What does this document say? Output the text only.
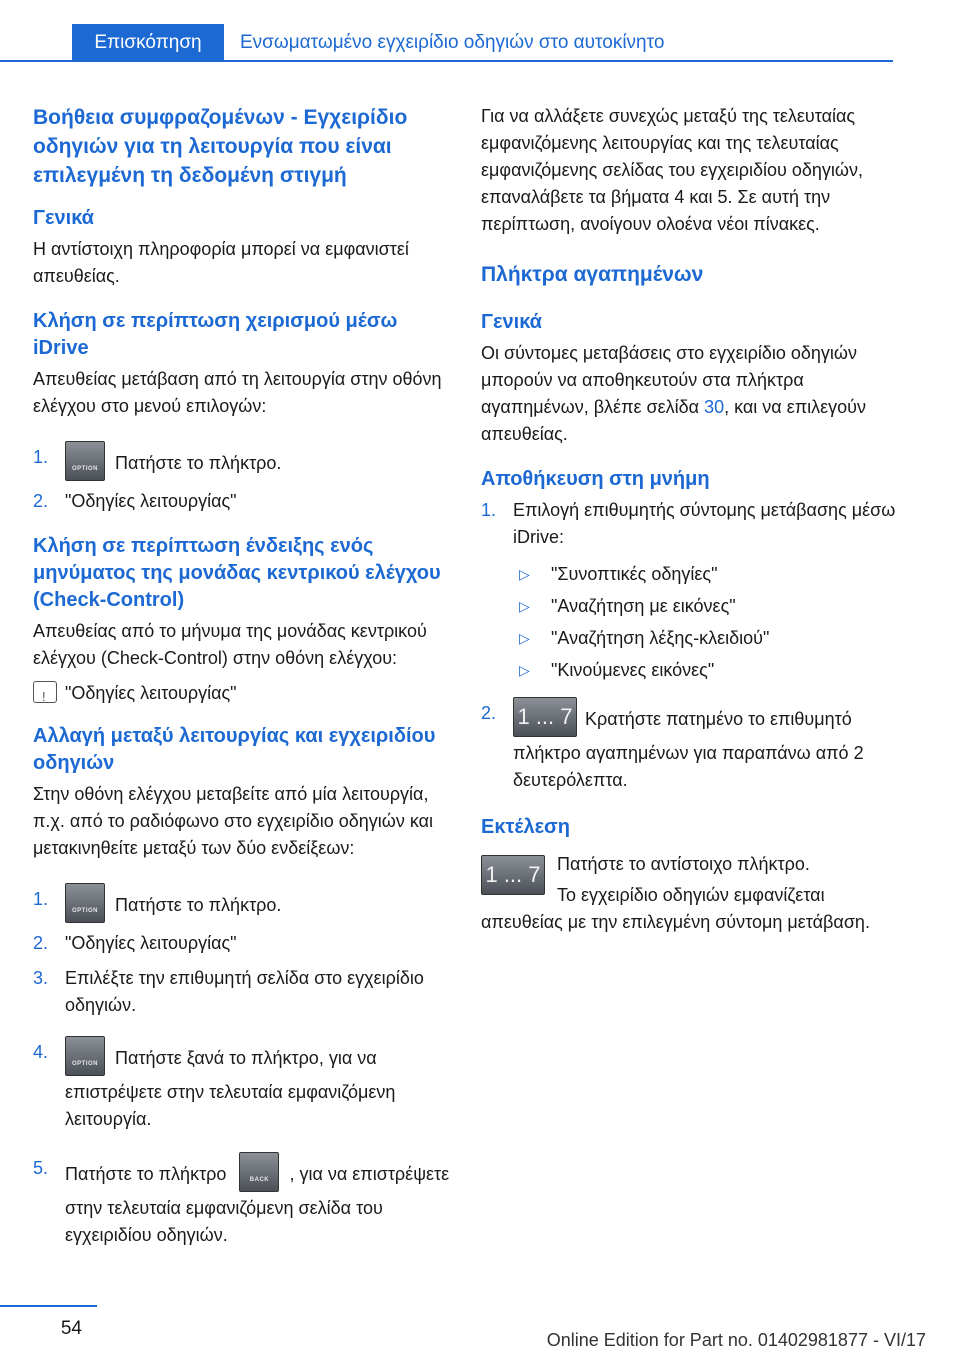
Επισκόπηση	Ενσωματωμένο εγχειρίδιο οδηγιών στο αυτοκίνητο

Βοήθεια συμφραζομένων - Εγχειρίδιο οδηγιών για τη λειτουργία που είναι επιλεγμένη τη δεδομένη στιγμή

Γενικά

Η αντίστοιχη πληροφορία μπορεί να εμφανιστεί απευθείας.

Κλήση σε περίπτωση χειρισμού μέσω iDrive

Απευθείας μετάβαση από τη λειτουργία στην οθόνη ελέγχου στο μενού επιλογών:

1.
OPTION Πατήστε το πλήκτρο.
2. "Οδηγίες λειτουργίας"

Κλήση σε περίπτωση ένδειξης ενός μηνύματος της μονάδας κεντρικού ελέγχου (Check-Control)

Απευθείας από το μήνυμα της μονάδας κεντρικού ελέγχου (Check-Control) στην οθόνη ελέγχου:

!"Οδηγίες λειτουργίας"

Αλλαγή μεταξύ λειτουργίας και εγχειριδίου οδηγιών

Στην οθόνη ελέγχου μεταβείτε από μία λειτουργία, π.χ. από το ραδιόφωνο στο εγχειρίδιο οδηγιών και μετακινηθείτε μεταξύ των δύο ενδείξεων:

1.
OPTION Πατήστε το πλήκτρο.
2. "Οδηγίες λειτουργίας"
3. Επιλέξτε την επιθυμητή σελίδα στο εγχειρίδιο οδηγιών.
4.
OPTION Πατήστε ξανά το πλήκτρο, για να επιστρέψετε στην τελευταία εμφανιζόμενη λειτουργία.
5. Πατήστε το πλήκτρο	BACK	, για να επιστρέψετε στην τελευταία εμφανιζόμενη σελίδα του εγχειριδίου οδηγιών.

Για να αλλάξετε συνεχώς μεταξύ της τελευταίας εμφανιζόμενης λειτουργίας και της τελευταίας εμφανιζόμενης σελίδας του εγχειριδίου οδηγιών, επαναλάβετε τα βήματα 4 και 5. Σε αυτή την περίπτωση, ανοίγουν ολοένα νέοι πίνακες.

Πλήκτρα αγαπημένων

Γενικά

Οι σύντομες μεταβάσεις στο εγχειρίδιο οδηγιών μπορούν να αποθηκευτούν στα πλήκτρα αγαπημένων, βλέπε σελίδα 30, και να επιλεγούν απευθείας.

Αποθήκευση στη μνήμη

1. Επιλογή επιθυμητής σύντομης μετάβασης μέσω iDrive:
▷ "Συνοπτικές οδηγίες"
▷ "Αναζήτηση με εικόνες"
▷ "Αναζήτηση λέξης-κλειδιού"
▷ "Κινούμενες εικόνες"
2. 1 ... 7 Κρατήστε πατημένο το επιθυμητό πλήκτρο αγαπημένων για παραπάνω από 2 δευτερόλεπτα.

Εκτέλεση

1 ... 7 Πατήστε το αντίστοιχο πλήκτρο.

Το εγχειρίδιο οδηγιών εμφανίζεται απευθείας με την επιλεγμένη σύντομη μετάβαση.

54
Online Edition for Part no. 01402981877 - VI/17
